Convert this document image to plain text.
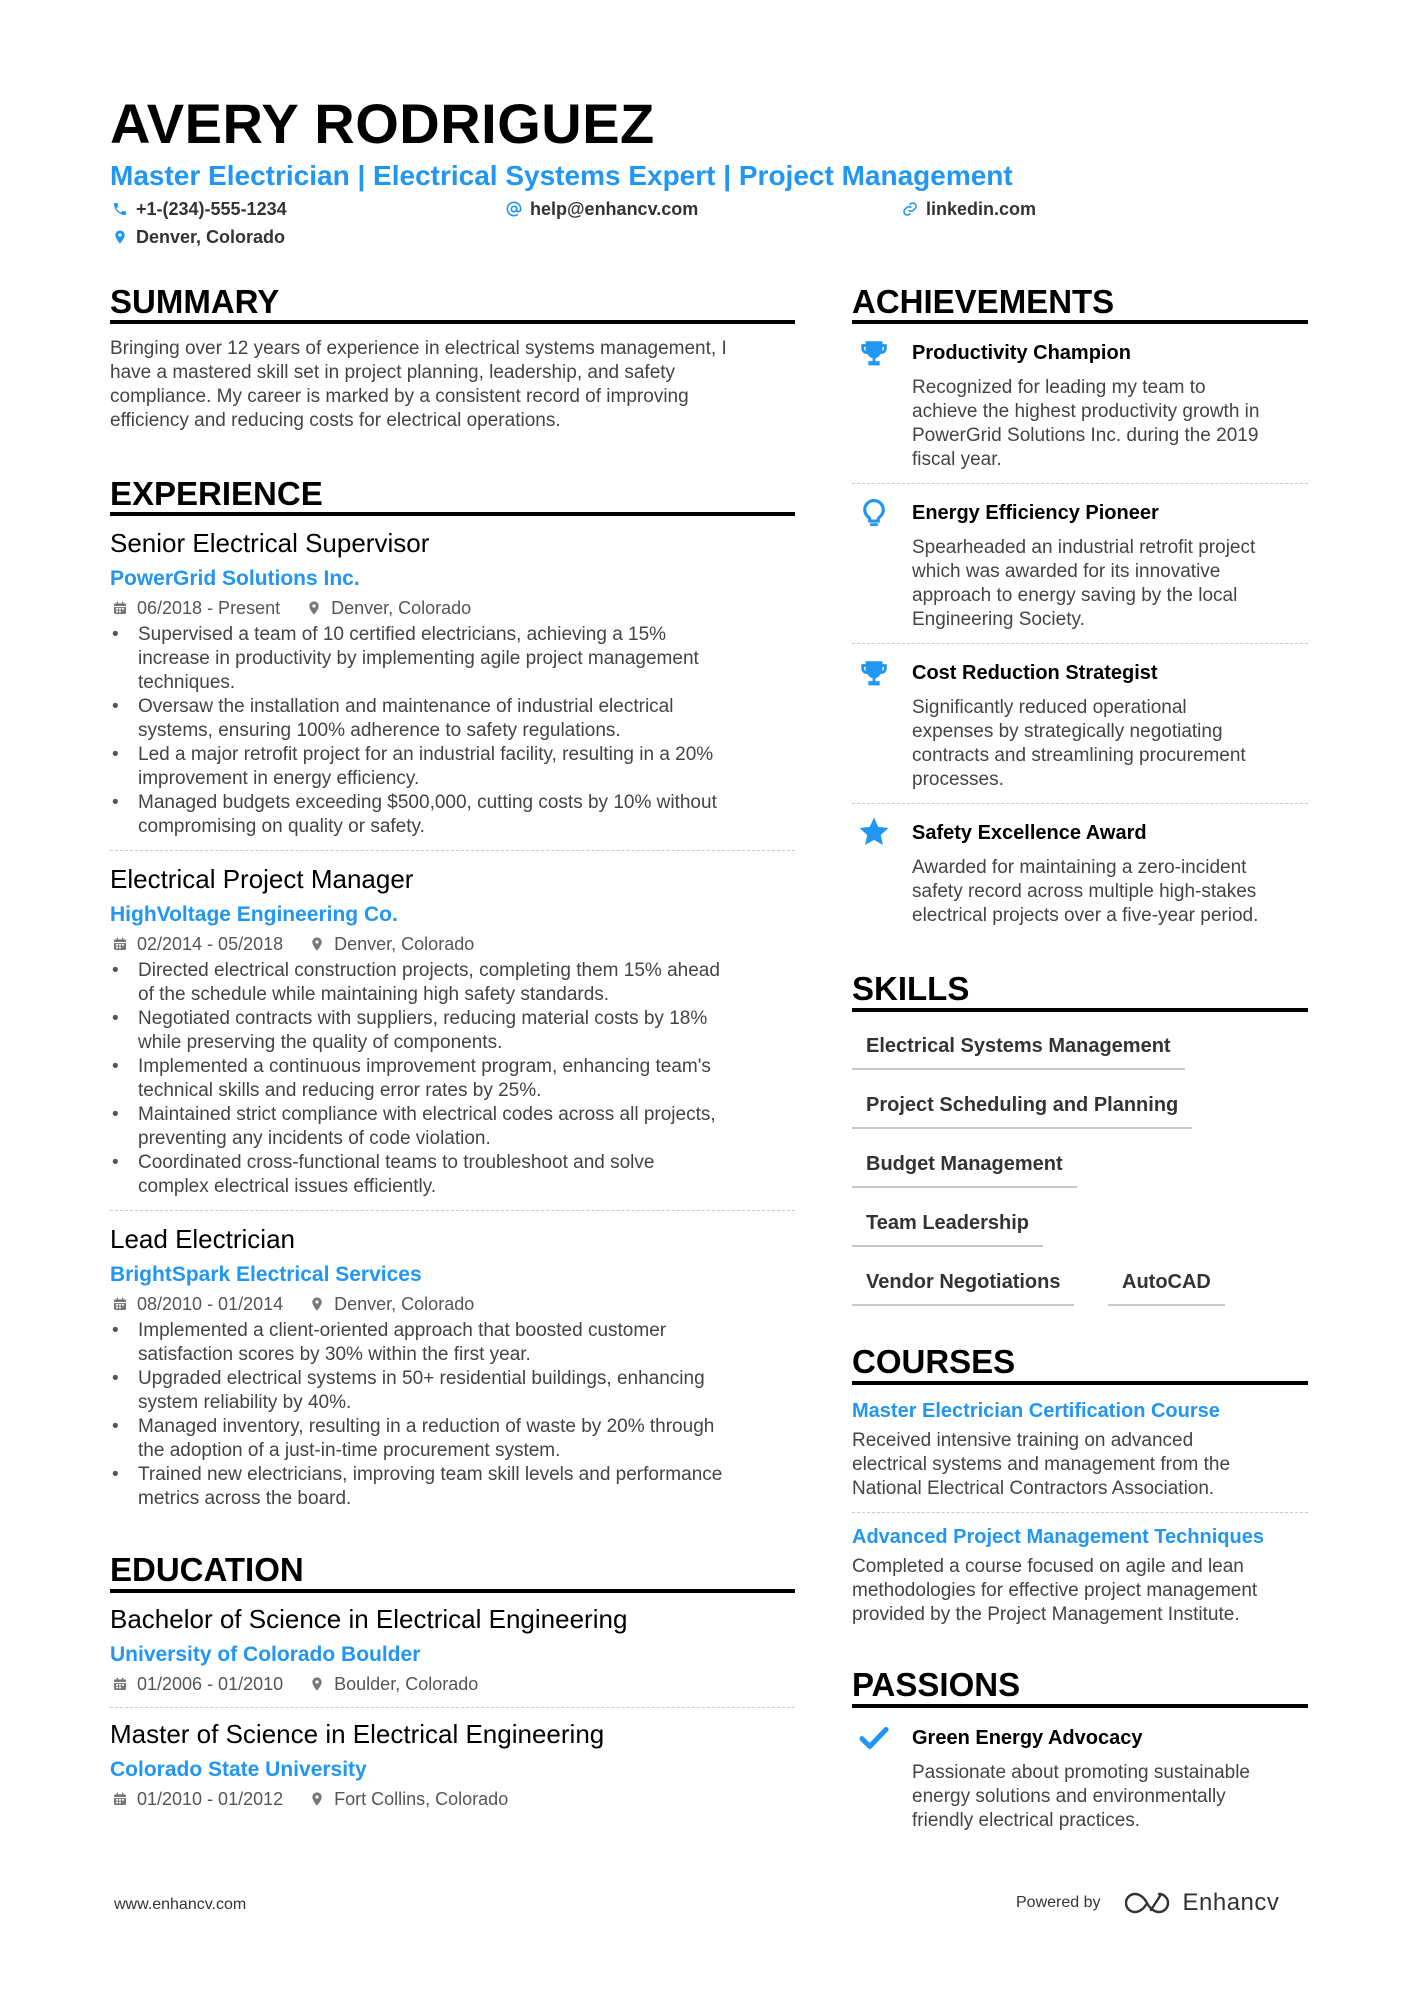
AVERY RODRIGUEZ
Master Electrician | Electrical Systems Expert | Project Management
+1-(234)-555-1234	help@enhancv.com	linkedin.com
Denver, Colorado
SUMMARY
Bringing over 12 years of experience in electrical systems management, I
have a mastered skill set in project planning, leadership, and safety
compliance. My career is marked by a consistent record of improving
efficiency and reducing costs for electrical operations.
EXPERIENCE
Senior Electrical Supervisor
PowerGrid Solutions Inc.
06/2018 - Present	Denver, Colorado
• Supervised a team of 10 certified electricians, achieving a 15%
increase in productivity by implementing agile project management
techniques.
• Oversaw the installation and maintenance of industrial electrical
systems, ensuring 100% adherence to safety regulations.
• Led a major retrofit project for an industrial facility, resulting in a 20%
improvement in energy efficiency.
• Managed budgets exceeding $500,000, cutting costs by 10% without
compromising on quality or safety.
Electrical Project Manager
HighVoltage Engineering Co.
02/2014 - 05/2018	Denver, Colorado
• Directed electrical construction projects, completing them 15% ahead
of the schedule while maintaining high safety standards.
• Negotiated contracts with suppliers, reducing material costs by 18%
while preserving the quality of components.
• Implemented a continuous improvement program, enhancing team's
technical skills and reducing error rates by 25%.
• Maintained strict compliance with electrical codes across all projects,
preventing any incidents of code violation.
• Coordinated cross-functional teams to troubleshoot and solve
complex electrical issues efficiently.
Lead Electrician
BrightSpark Electrical Services
08/2010 - 01/2014	Denver, Colorado
• Implemented a client-oriented approach that boosted customer
satisfaction scores by 30% within the first year.
• Upgraded electrical systems in 50+ residential buildings, enhancing
system reliability by 40%.
• Managed inventory, resulting in a reduction of waste by 20% through
the adoption of a just-in-time procurement system.
• Trained new electricians, improving team skill levels and performance
metrics across the board.
EDUCATION
Bachelor of Science in Electrical Engineering
University of Colorado Boulder
01/2006 - 01/2010	Boulder, Colorado
Master of Science in Electrical Engineering
Colorado State University
01/2010 - 01/2012	Fort Collins, Colorado
ACHIEVEMENTS
Productivity Champion
Recognized for leading my team to
achieve the highest productivity growth in
PowerGrid Solutions Inc. during the 2019
fiscal year.
Energy Efficiency Pioneer
Spearheaded an industrial retrofit project
which was awarded for its innovative
approach to energy saving by the local
Engineering Society.
Cost Reduction Strategist
Significantly reduced operational
expenses by strategically negotiating
contracts and streamlining procurement
processes.
Safety Excellence Award
Awarded for maintaining a zero-incident
safety record across multiple high-stakes
electrical projects over a five-year period.
SKILLS
Electrical Systems Management
Project Scheduling and Planning
Budget Management
Team Leadership
Vendor Negotiations	AutoCAD
COURSES
Master Electrician Certification Course
Received intensive training on advanced
electrical systems and management from the
National Electrical Contractors Association.
Advanced Project Management Techniques
Completed a course focused on agile and lean
methodologies for effective project management
provided by the Project Management Institute.
PASSIONS
Green Energy Advocacy
Passionate about promoting sustainable
energy solutions and environmentally
friendly electrical practices.
www.enhancv.com	Powered by	Enhancv
